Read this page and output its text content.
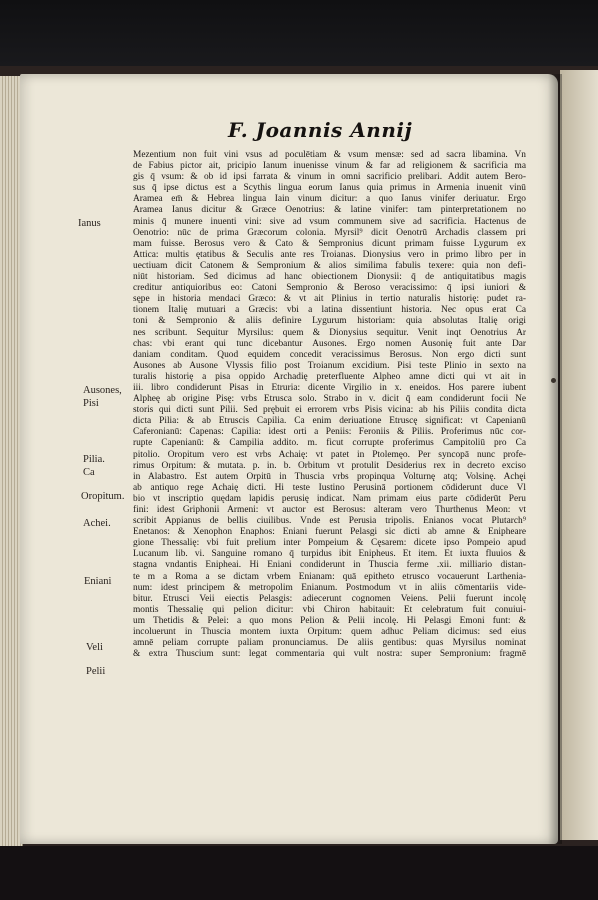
F. Joannis Annij
Ianus
Ausones,
Pisi
Pilia.
Ca
Oropitum.
Achei.
Eniani
Veli
Pelii
Mezentium non fuit vini vsus ad poculētiam & vsum mensæ: sed ad sacra libamina. Vn
de Fabius pictor ait, pricipio Ianum inuenisse vinum & far ad religionem & sacrificia ma
gis q̄ vsum: & ob id ipsi farrata & vinum in omni sacrificio prelibari. Addit autem Bero-
sus q̄ ipse dictus est a Scythis lingua eorum Ianus quia primus in Armenia inuenit vinū
Aramea em̄ & Hebrea lingua Iain vinum dicitur: a quo Ianus vinifer deriuatur. Ergo
Aramea Ianus dicitur & Græce Oenotrius: & latine vinifer: tam pinterpretationem no
minis q̄ munere inuenti vini: sive ad vsum communem sive ad sacrificia. Hactenus de
Oenotrio: nūc de prima Græcorum colonia. Myrsil⁹ dicit Oenotrū Archadis classem pri
mam fuisse. Berosus vero & Cato & Sempronius dicunt primam fuisse Lygurum ex
Attica: multis ętatibus & Seculis ante res Troianas. Dionysius vero in primo libro per in
uectiuam dicit Catonem & Sempronium & alios similima fabulis texere: quia non defi-
niūt historiam. Sed dicimus ad hanc obiectionem Dionysii: q̄ de antiquitatibus magis
creditur antiquioribus eo: Catoni Sempronio & Beroso veracissimo: q̄ ipsi iuniori &
sępe in historia mendaci Græco: & vt ait Plinius in tertio naturalis historię: pudet ra-
tionem Italię mutuari a Græcis: vbi a latina dissentiunt historia. Nec opus erat Ca
toni & Sempronio & aliis definire Lygurum historiam: quia absolutas Italię origi
nes scribunt. Sequitur Myrsilus: quem & Dionysius sequitur. Venit inqt Oenotrius Ar
chas: vbi erant qui tunc dicebantur Ausones. Ergo nomen Ausonię fuit ante Dar
daniam conditam. Quod equidem concedit veracissimus Berosus. Non ergo dicti sunt
Ausones ab Ausone Vlyssis filio post Troianum excidium. Pisi teste Plinio in sexto na
turalis historię a pisa oppido Archadię preterfluente Alpheo amne dicti qui vt ait in
iii. libro condiderunt Pisas in Etruria: dicente Virgilio in x. eneidos. Hos parere iubent
Alpheę ab origine Pisę: vrbs Etrusca solo. Strabo in v. dicit q̄ eam condiderunt focii Ne
storis qui dicti sunt Pilii. Sed prębuit ei errorem vrbs Pisis vicina: ab his Piliis condita dicta
dicta Pilia: & ab Etruscis Capilia. Ca enim deriuatione Etruscę significat: vt Capenianū
Caferonianū: Capenas: Capilia: idest orti a Peniis: Feroniis & Piliis. Proferimus nūc cor-
rupte Capenianū: & Campilia addito. m. ficut corrupte proferimus Campitoliū pro Ca
pitolio. Oropitum vero est vrbs Achaię: vt patet in Ptolemęo. Per syncopā nunc profe-
rimus Orpitum: & mutata. p. in. b. Orbitum vt protulit Desiderius rex in decreto exciso
in Alabastro. Est autem Orpitū in Thuscia vrbs propinqua Volturnę atq; Volsinę. Achęi
ab antiquo rege Achaię dicti. Hi teste Iustino Perusinā portionem cōdiderunt duce Vl
bio vt inscriptio quędam lapidis perusię indicat. Nam primam eius parte cōdiderūt Peru
fini: idest Griphonii Armeni: vt auctor est Berosus: alteram vero Thurthenus Meon: vt
scribit Appianus de bellis ciuilibus. Vnde est Perusia tripolis. Enianos vocat Plutarch⁹
Enetanos: & Xenophon Enaphos: Eniani fuerunt Pelasgi sic dicti ab amne & Enipheare
gione Thessalię: vbi fuit prelium inter Pompeium & Cęsarem: dicete ipso Pompeio apud
Lucanum lib. vi. Sanguine romano q̄ turpidus ibit Enipheus. Et item. Et iuxta fluuios &
stagna vndantis Enipheai. Hi Eniani condiderunt in Thuscia ferme .xii. milliario distan-
te m a Roma a se dictam vrbem Enianam: quā epitheto etrusco vocauerunt Larthenia-
num: idest principem & metropolim Enianum. Postmodum vt in aliis cōmentariis vide-
bitur. Etrusci Veii eiectis Pelasgis: adiecerunt cognomen Veiens. Pelii fuerunt incolę
montis Thessalię qui pelion dicitur: vbi Chiron habitauit: Et celebratum fuit conuiui-
um Thetidis & Pelei: a quo mons Pelion & Pelii incolę. Hi Pelasgi Emoni funt: &
incoluerunt in Thuscia montem iuxta Orpitum: quem adhuc Peliam dicimus: sed eius
amnē peliam corrupte paliam pronunciamus. De aliis gentibus: quas Myrsilus nominat
& extra Thuscium sunt: legat commentaria qui vult nostra: super Sempronium: fragmē
